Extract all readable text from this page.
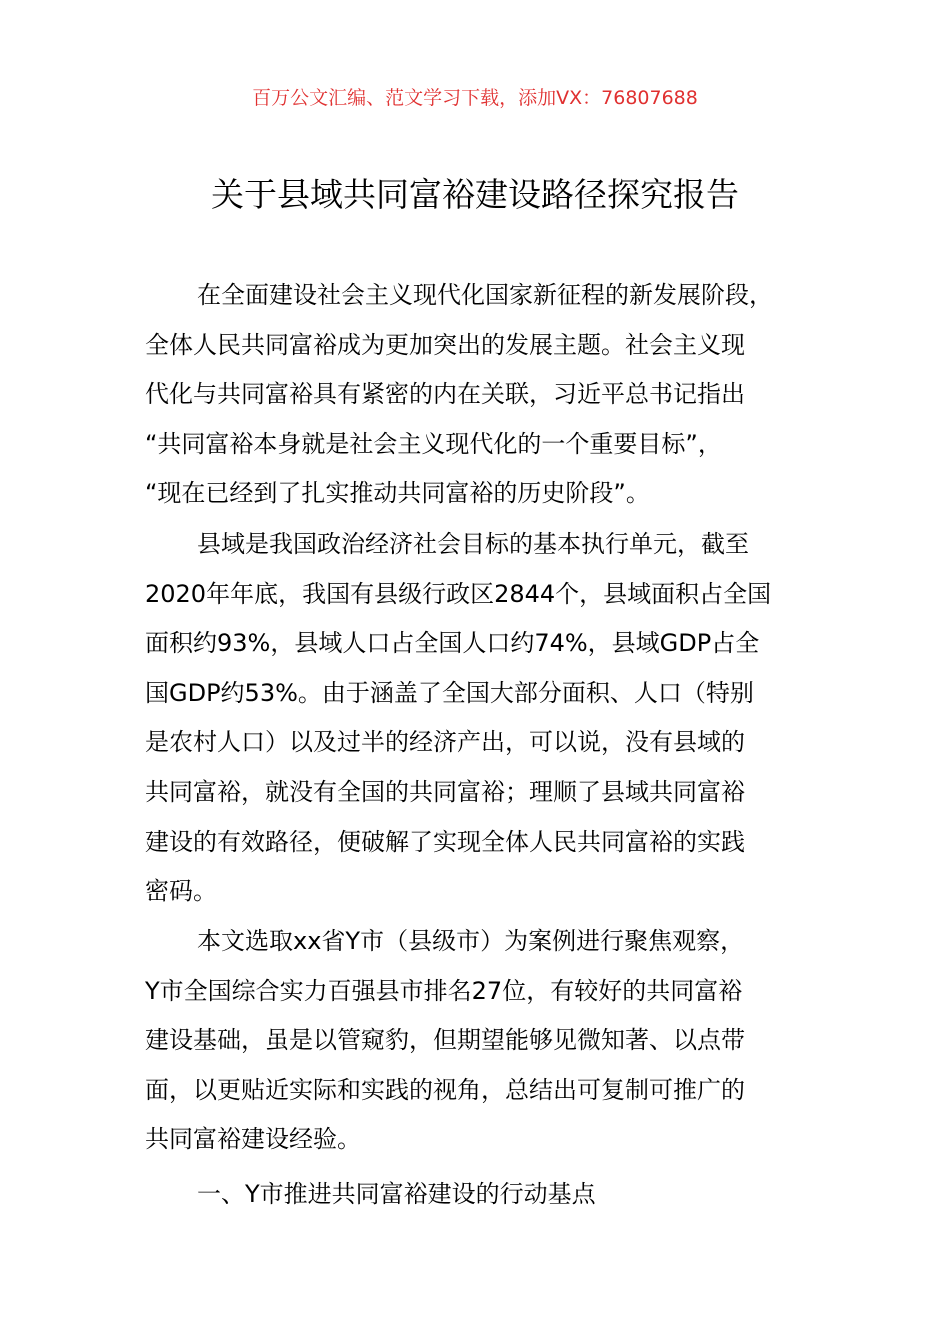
百万公文汇编、范文学习下载，添加VX：76807688
关于县域共同富裕建设路径探究报告

在全面建设社会主义现代化国家新征程的新发展阶段，
全体人民共同富裕成为更加突出的发展主题。社会主义现
代化与共同富裕具有紧密的内在关联，习近平总书记指出
“共同富裕本身就是社会主义现代化的一个重要目标”，
“现在已经到了扎实推动共同富裕的历史阶段”。

县域是我国政治经济社会目标的基本执行单元，截至
2020年年底，我国有县级行政区2844个，县域面积占全国
面积约93%，县域人口占全国人口约74%，县域GDP占全
国GDP约53%。由于涵盖了全国大部分面积、人口（特别
是农村人口）以及过半的经济产出，可以说，没有县域的
共同富裕，就没有全国的共同富裕；理顺了县域共同富裕
建设的有效路径，便破解了实现全体人民共同富裕的实践
密码。

本文选取xx省Y市（县级市）为案例进行聚焦观察，
Y市全国综合实力百强县市排名27位，有较好的共同富裕
建设基础，虽是以管窥豹，但期望能够见微知著、以点带
面，以更贴近实际和实践的视角，总结出可复制可推广的
共同富裕建设经验。

一、Y市推进共同富裕建设的行动基点
